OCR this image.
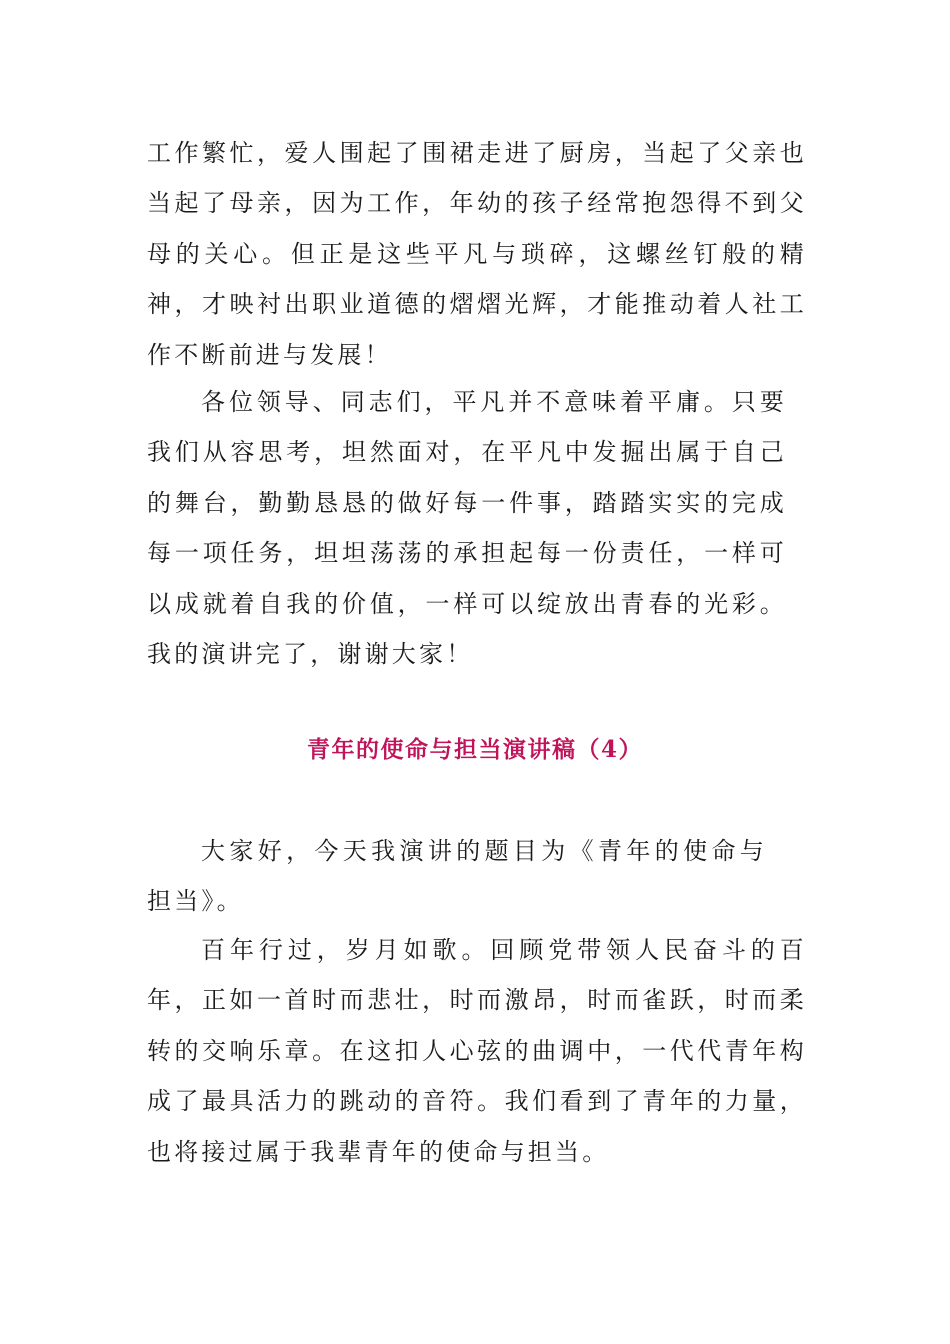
工作繁忙，爱人围起了围裙走进了厨房，当起了父亲也当起了母亲，因为工作，年幼的孩子经常抱怨得不到父母的关心。但正是这些平凡与琐碎，这螺丝钉般的精神，才映衬出职业道德的熠熠光辉，才能推动着人社工作不断前进与发展！

各位领导、同志们，平凡并不意味着平庸。只要我们从容思考，坦然面对，在平凡中发掘出属于自己的舞台，勤勤恳恳的做好每一件事，踏踏实实的完成每一项任务，坦坦荡荡的承担起每一份责任，一样可以成就着自我的价值，一样可以绽放出青春的光彩。我的演讲完了，谢谢大家！

青年的使命与担当演讲稿（4）

大家好，今天我演讲的题目为《青年的使命与担当》。

百年行过，岁月如歌。回顾党带领人民奋斗的百年，正如一首时而悲壮，时而激昂，时而雀跃，时而柔转的交响乐章。在这扣人心弦的曲调中，一代代青年构成了最具活力的跳动的音符。我们看到了青年的力量，也将接过属于我辈青年的使命与担当。
